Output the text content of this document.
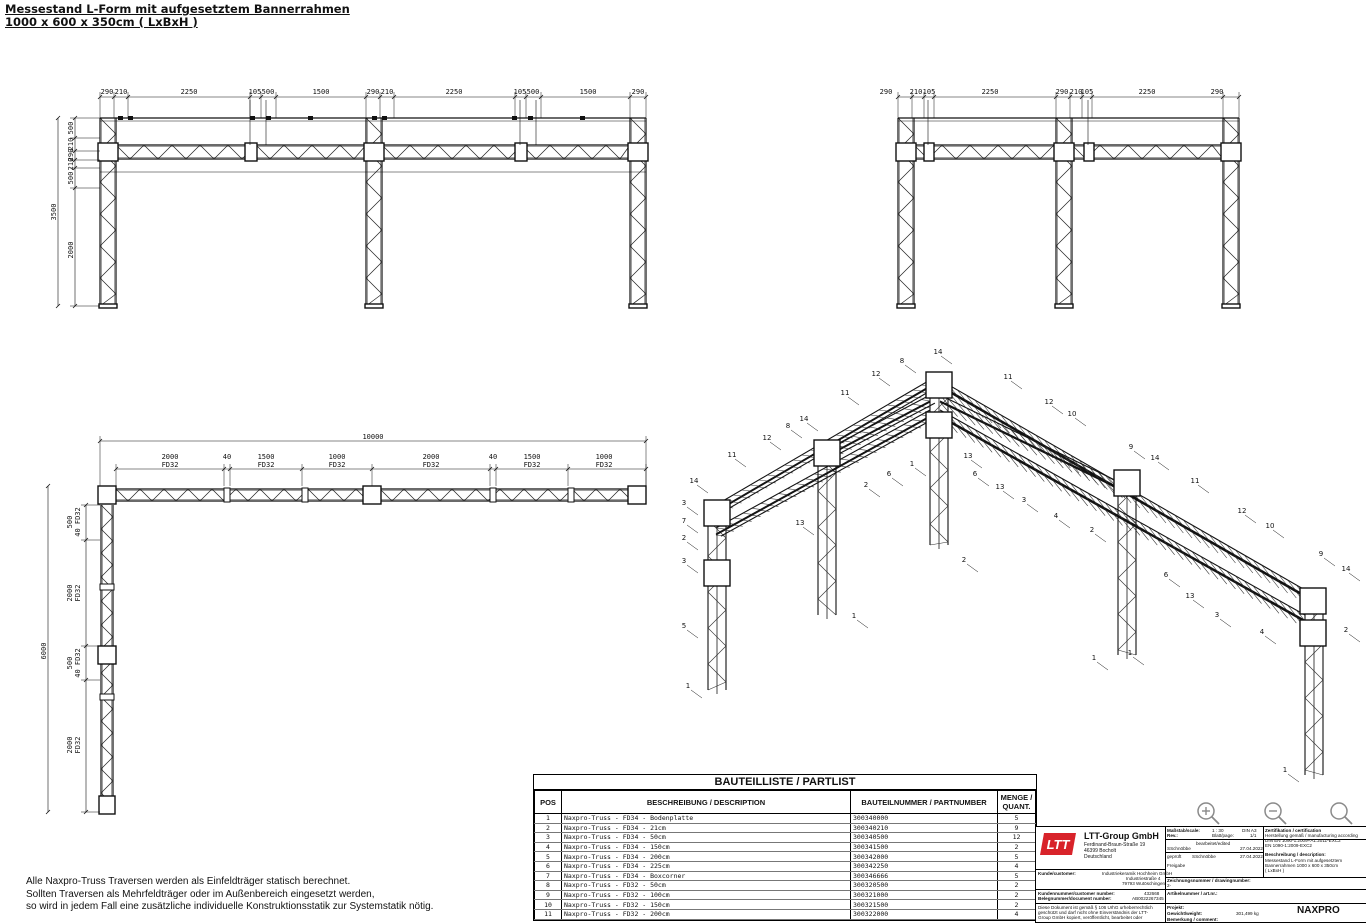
Messestand L-Form mit aufgesetztem Bannerrahmen
1000 x 600 x 350cm ( LxBxH )
290 210	2250	105 500	1500	290 210	2250	105 500	1500	290
500
210
290
210
500
2000
3500
290 210 105	2250	290 210
105	2250	290
10000
2000
FD32
40	1500
FD32
1000
FD32
2000
FD32
40	1500
FD32
1000
FD32
6000
500 40 FD32
2000 FD32
500 40 FD32
2000 FD32
14
8
12
11
14
8
12
11
14
3
7
2
3
5
1
13
6
2
1
6
13
2
1
11
12
10
9
14
13
3
4
2
6
11
12
10
9
14
13
3
4	2
1
1
1
Alle Naxpro-Truss Traversen werden als Einfeldträger statisch berechnet.
Sollten Traversen als Mehrfeldträger oder im Außenbereich eingesetzt werden,
so wird in jedem Fall eine zusätzliche individuelle Konstruktionsstatik zur Systemstatik nötig.
BAUTEILLISTE / PARTLIST
POS	BESCHREIBUNG / DESCRIPTION	BAUTEILNUMMER / PARTNUMBER	MENGE / QUANT.
1	Naxpro-Truss - FD34 - Bodenplatte	300340000	5
2	Naxpro-Truss - FD34 - 21cm	300340210	9
3	Naxpro-Truss - FD34 - 50cm	300340500	12
4	Naxpro-Truss - FD34 - 150cm	300341500	2
5	Naxpro-Truss - FD34 - 200cm	300342000	5
6	Naxpro-Truss - FD34 - 225cm	300342250	4
7	Naxpro-Truss - FD34 - Boxcorner	300346666	5
8	Naxpro-Truss - FD32 - 50cm	300320500	2
9	Naxpro-Truss - FD32 - 100cm	300321000	2
10	Naxpro-Truss - FD32 - 150cm	300321500	2
11	Naxpro-Truss - FD32 - 200cm	300322000	4
LTT
LTT-Group GmbH
Ferdinand-Braun-Straße 19
46399 Bocholt
Deutschland
Maßstab/scale:	1 : 30	DIN A3
Rev.:	Blatt/page:	1/1
bearbeitet/edited
SSchnöbbe	27.04.2022
geprüft SSchnöbbe	27.04.2022
Freigabe
Zertifikation / certification
Herstellung gemäß / manufacturing according
DIN EN 1090-1:2009+A1:2011-EXC2
EN 1090-1:2009-EXC2
Beschreibung / description:
Messestand L-Form mit aufgesetztem
Bannerrahmen 1000 x 600 x 350cm
( LxBxH )
Kunde/customer:	Industriekeramik Hochheim GmbH
Industriestraße 4
79793 Wutöschingen
Zeichnungsnummer / drawingnumber:
2-
Kundennummer/customer number:	432668
Belegnummer/document number:	AB0022267345
Artikelnummer / art.nr.:
Diese Dokument ist gemäß § 106 UrhG urheberrechtlich
geschützt und darf nicht ohne Einverständnis der LTT-
Group GmbH kopiert, veröffentlicht, bearbeitet oder
Projekt:
Gewicht/weight:	301,499 kg
Bemerkung / comment:
NAXPRO
